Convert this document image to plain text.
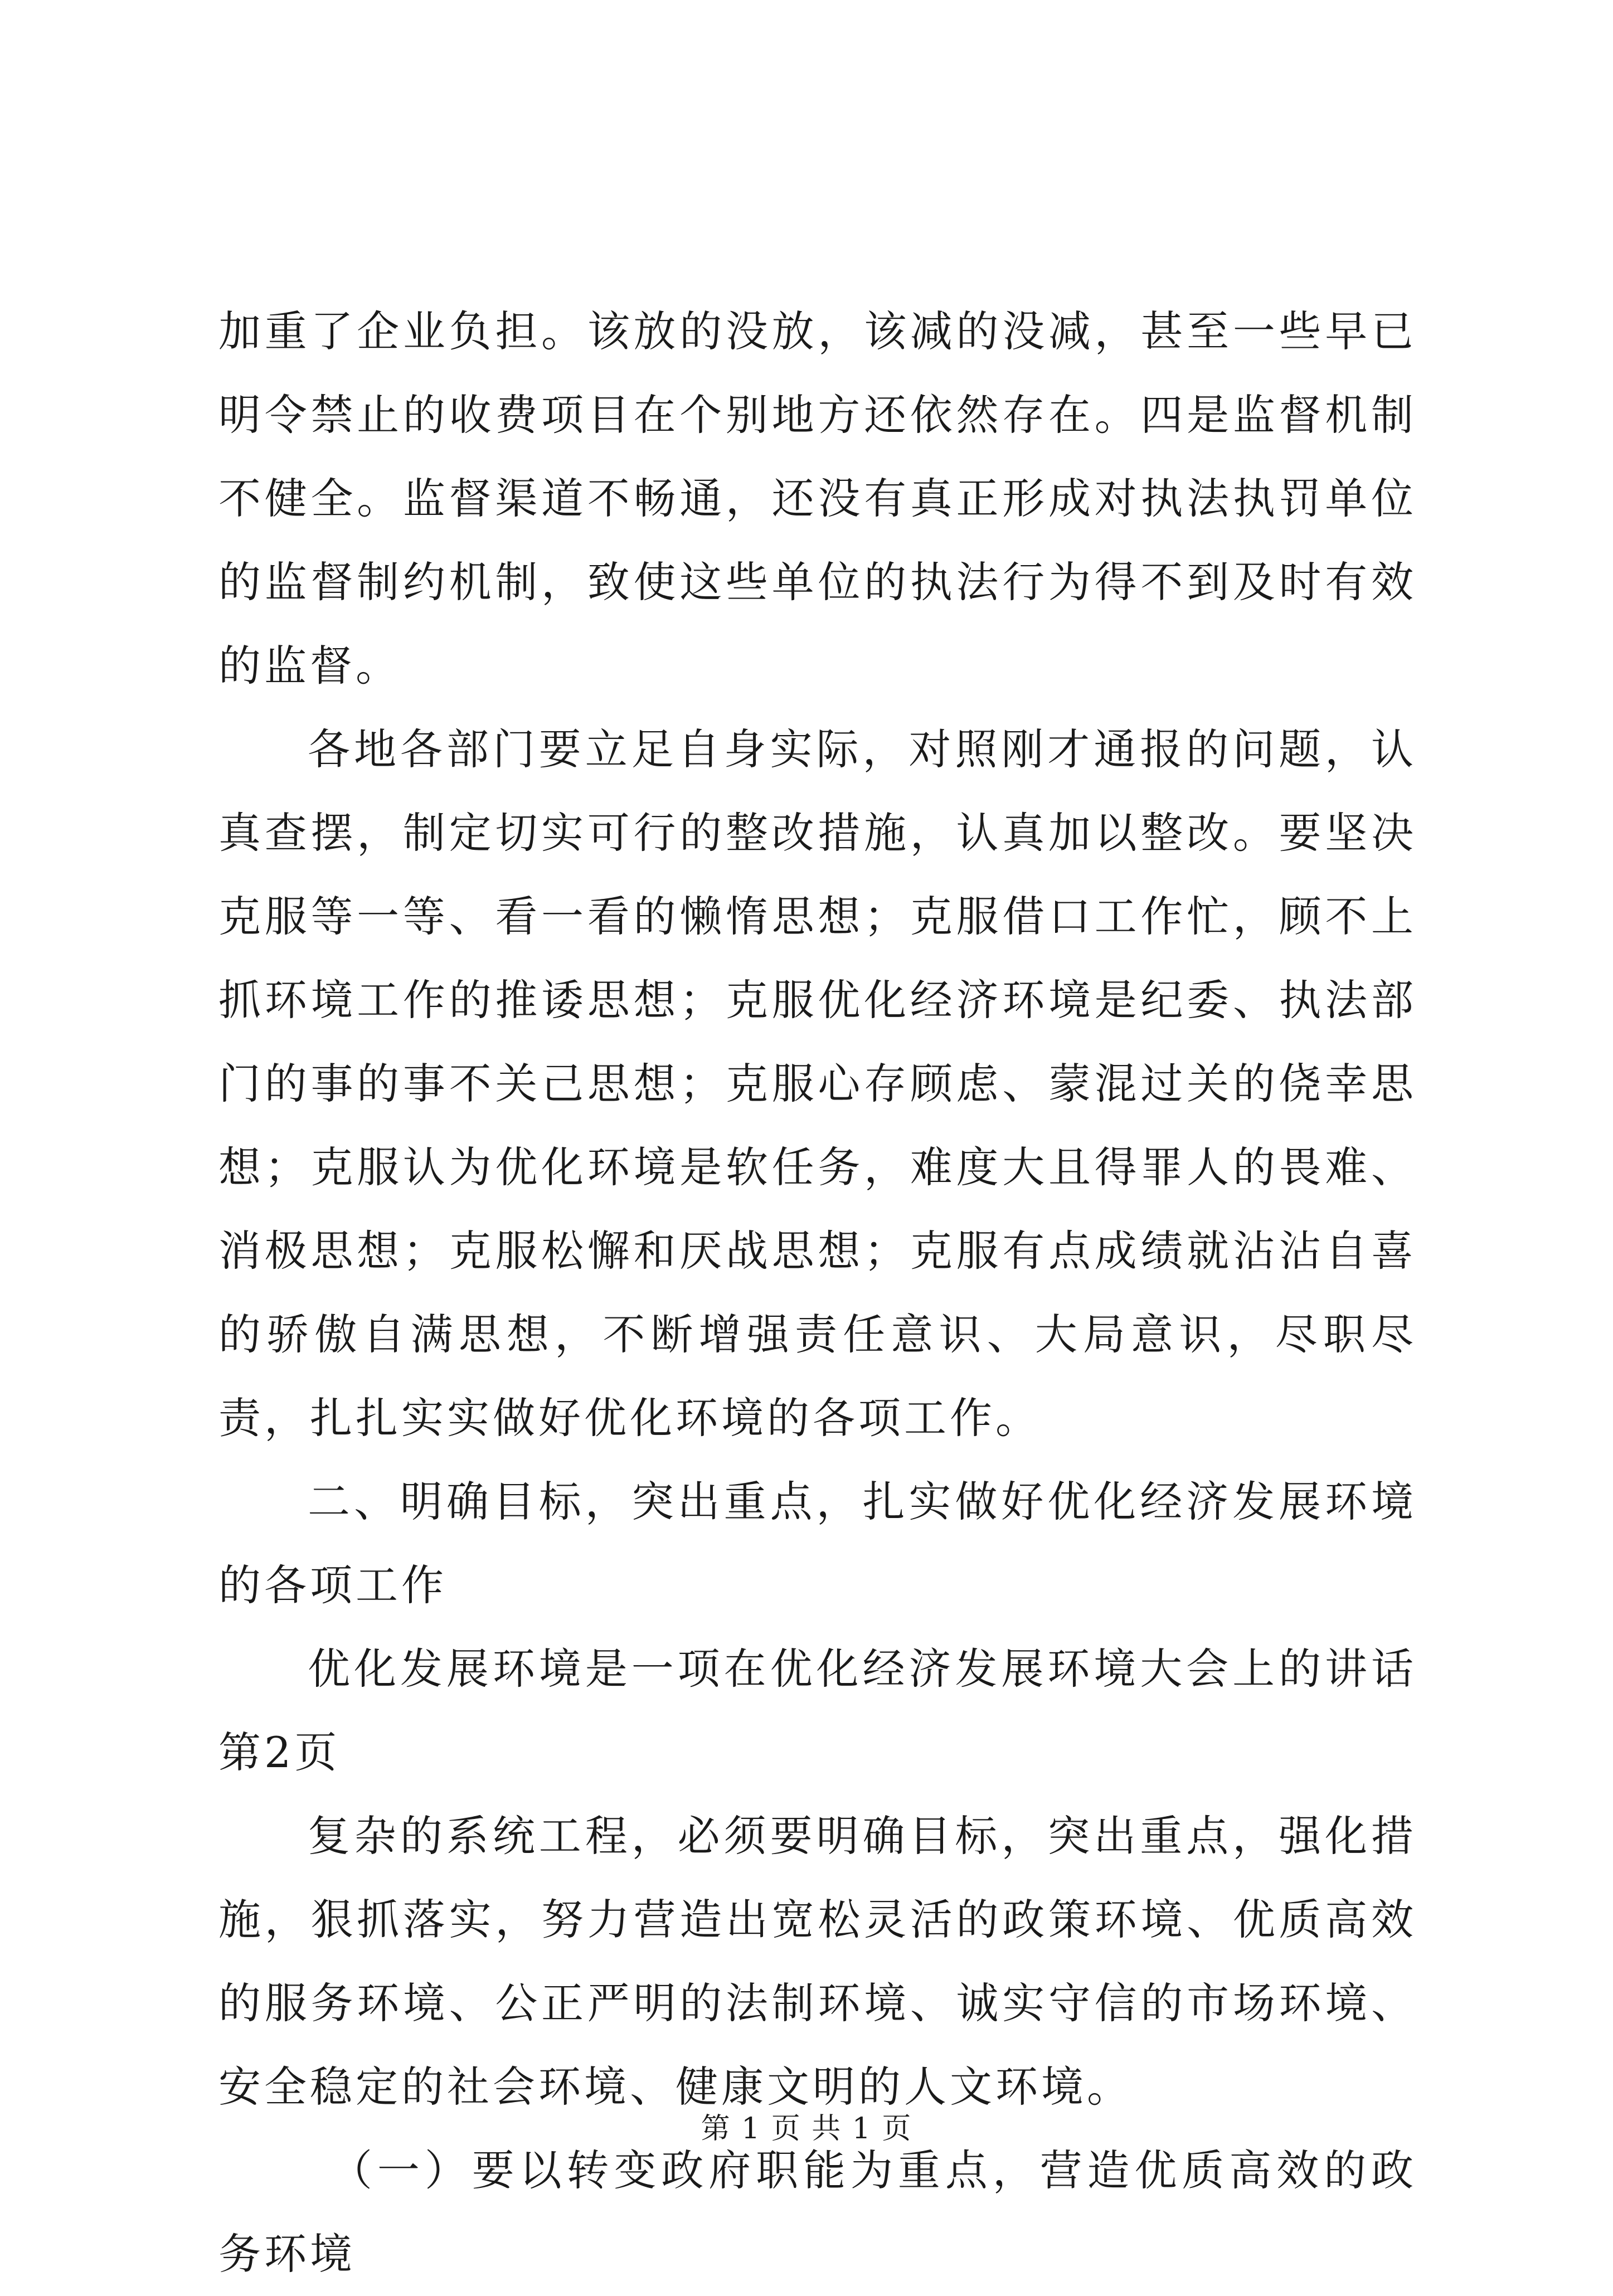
加重了企业负担。该放的没放，该减的没减，甚至一些早已明令禁止的收费项目在个别地方还依然存在。四是监督机制不健全。监督渠道不畅通，还没有真正形成对执法执罚单位的监督制约机制，致使这些单位的执法行为得不到及时有效的监督。

各地各部门要立足自身实际，对照刚才通报的问题，认真查摆，制定切实可行的整改措施，认真加以整改。要坚决克服等一等、看一看的懒惰思想；克服借口工作忙，顾不上抓环境工作的推诿思想；克服优化经济环境是纪委、执法部门的事的事不关己思想；克服心存顾虑、蒙混过关的侥幸思想；克服认为优化环境是软任务，难度大且得罪人的畏难、消极思想；克服松懈和厌战思想；克服有点成绩就沾沾自喜的骄傲自满思想，不断增强责任意识、大局意识，尽职尽责，扎扎实实做好优化环境的各项工作。

二、明确目标，突出重点，扎实做好优化经济发展环境的各项工作

优化发展环境是一项在优化经济发展环境大会上的讲话第2页

复杂的系统工程，必须要明确目标，突出重点，强化措施，狠抓落实，努力营造出宽松灵活的政策环境、优质高效的服务环境、公正严明的法制环境、诚实守信的市场环境、安全稳定的社会环境、健康文明的人文环境。

（一）要以转变政府职能为重点，营造优质高效的政务环境

第 1 页 共 1 页
